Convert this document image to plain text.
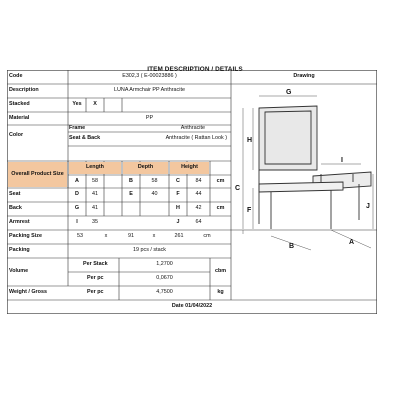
ITEM DESCRIPTION / DETAILS
Code	E302,3 ( E-00023886 )	Drawing
Description	LUNA Armchair PP Anthracite
Stacked	Yes	X
Material	PP
Color
Frame	Anthracite
Seat & Back	Anthracite ( Rattan Look )
Overall Product Size
Length	Depth	Height
A	58	B	58	C	84	cm
Seat	D	41	E	40	F	44
Back	G	41	H	42	cm
Armrest	I	35	J	64
Packing Size	53	x	91	x	261	cm
Packing	19 pcs / stack
Volume
Per Stack	1,2700
Per pc	0,0670
cbm
Weight / Gross	Per pc	4,7500	kg
Date 01/04/2022
G
H
I
C
F
J
B
A
